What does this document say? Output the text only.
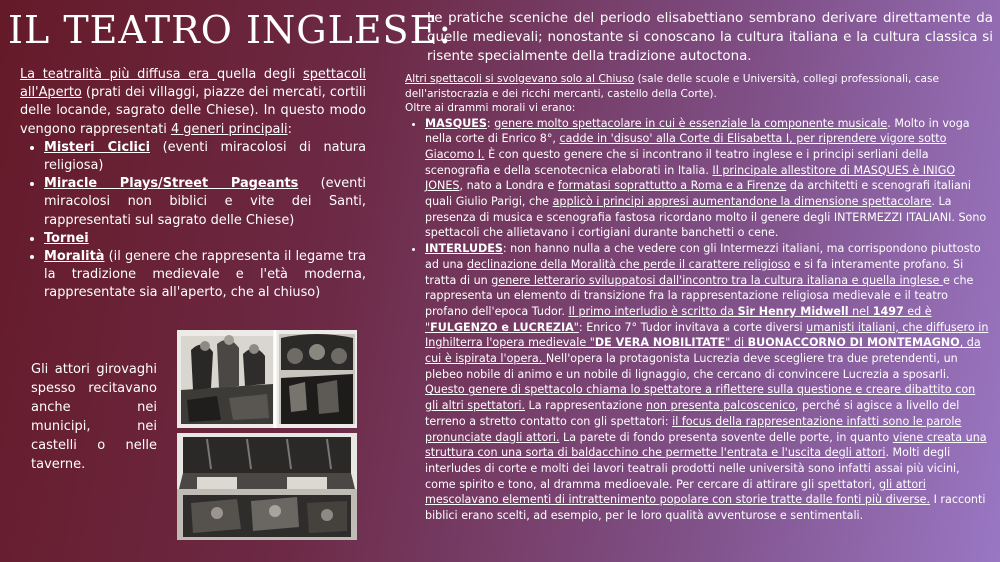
IL TEATRO INGLESE:

Le pratiche sceniche del periodo elisabettiano sembrano derivare direttamente da quelle medievali; nonostante si conoscano la cultura italiana e la cultura classica si risente specialmente della tradizione autoctona.

La teatralità più diffusa era quella degli spettacoli all'Aperto (prati dei villaggi, piazze dei mercati, cortili delle locande, sagrato delle Chiese). In questo modo vengono rappresentati 4 generi principali:

• Misteri Ciclici (eventi miracolosi di natura religiosa)
• Miracle Plays/Street Pageants (eventi miracolosi non biblici e vite dei Santi, rappresentati sul sagrato delle Chiese)
• Tornei
• Moralità (il genere che rappresenta il legame tra la tradizione medievale e l'età moderna, rappresentate sia all'aperto, che al chiuso)

Gli attori girovaghi spesso recitavano anche nei municipi, nei castelli o nelle taverne.

Altri spettacoli si svolgevano solo al Chiuso (sale delle scuole e Università, collegi professionali, case dell'aristocrazia e dei ricchi mercanti, castello della Corte).

Oltre ai drammi morali vi erano:

• MASQUES: genere molto spettacolare in cui è essenziale la componente musicale. Molto in voga nella corte di Enrico 8°, cadde in 'disuso' alla Corte di Elisabetta I, per riprendere vigore sotto Giacomo I. È con questo genere che si incontrano il teatro inglese e i principi serliani della scenografia e della scenotecnica elaborati in Italia. Il principale allestitore di MASQUES è INIGO JONES, nato a Londra e formatasi soprattutto a Roma e a Firenze da architetti e scenografi italiani quali Giulio Parigi, che applicò i principi appresi aumentandone la dimensione spettacolare. La presenza di musica e scenografia fastosa ricordano molto il genere degli INTERMEZZI ITALIANI. Sono spettacoli che allietavano i cortigiani durante banchetti o cene.
• INTERLUDES: non hanno nulla a che vedere con gli Intermezzi italiani, ma corrispondono piuttosto ad una declinazione della Moralità che perde il carattere religioso e si fa interamente profano. Si tratta di un genere letterario sviluppatosi dall'incontro tra la cultura italiana e quella inglese e che rappresenta un elemento di transizione fra la rappresentazione religiosa medievale e il teatro profano dell'epoca Tudor. Il primo interludio è scritto da Sir Henry Midwell nel 1497 ed è "FULGENZO e LUCREZIA": Enrico 7° Tudor invitava a corte diversi umanisti italiani, che diffusero in Inghilterra l'opera medievale "DE VERA NOBILITATE" di BUONACCORNO DI MONTEMAGNO, da cui è ispirata l'opera. Nell'opera la protagonista Lucrezia deve scegliere tra due pretendenti, un plebeo nobile di animo e un nobile di lignaggio, che cercano di convincere Lucrezia a sposarli. Questo genere di spettacolo chiama lo spettatore a riflettere sulla questione e creare dibattito con gli altri spettatori. La rappresentazione non presenta palcoscenico, perché si agisce a livello del terreno a stretto contatto con gli spettatori: il focus della rappresentazione infatti sono le parole pronunciate dagli attori. La parete di fondo presenta sovente delle porte, in quanto viene creata una struttura con una sorta di baldacchino che permette l'entrata e l'uscita degli attori. Molti degli interludes di corte e molti dei lavori teatrali prodotti nelle università sono infatti assai più vicini, come spirito e tono, al dramma medioevale. Per cercare di attirare gli spettatori, gli attori mescolavano elementi di intrattenimento popolare con storie tratte dalle fonti più diverse. I racconti biblici erano scelti, ad esempio, per le loro qualità avventurose e sentimentali.
